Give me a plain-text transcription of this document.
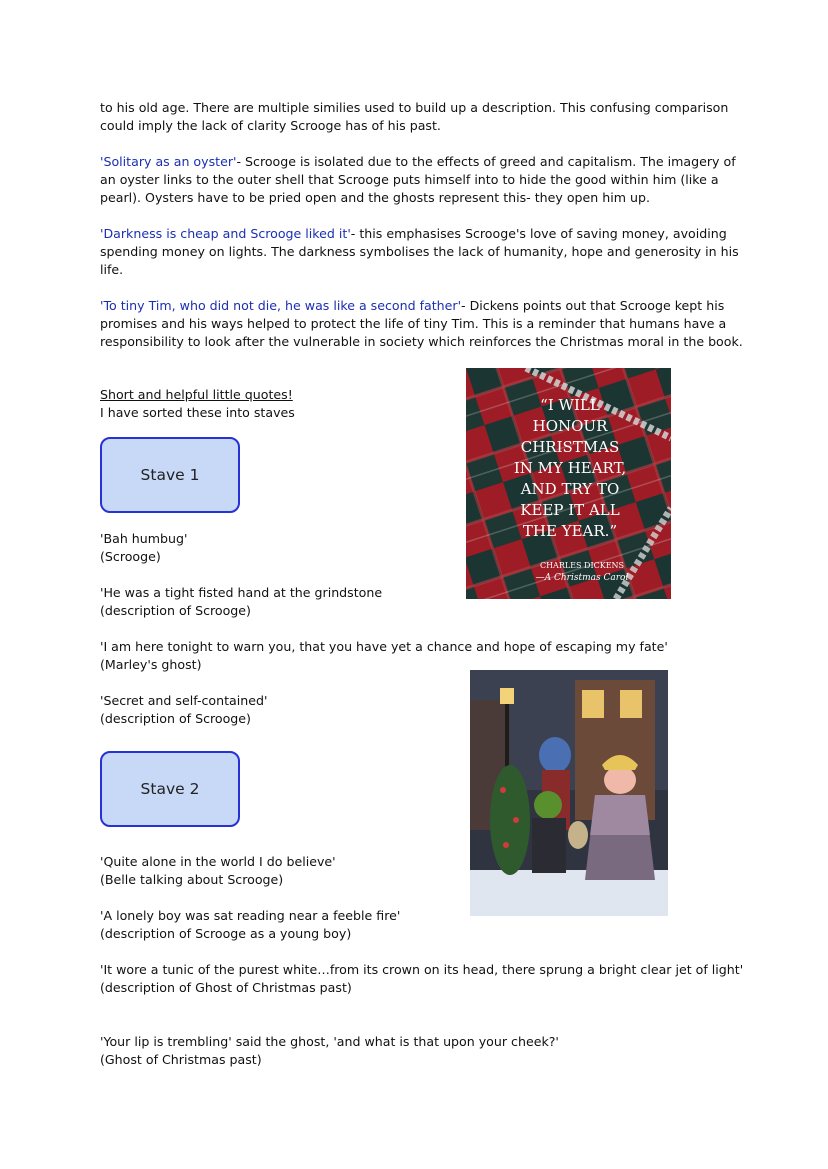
to his old age. There are multiple similies used to build up a description. This confusing comparison
could imply the lack of clarity Scrooge has of his past.
'Solitary as an oyster'- Scrooge is isolated due to the effects of greed and capitalism. The imagery of
an oyster links to the outer shell that Scrooge puts himself into to hide the good within him (like a
pearl). Oysters have to be pried open and the ghosts represent this- they open him up.
'Darkness is cheap and Scrooge liked it'- this emphasises Scrooge's love of saving money, avoiding
spending money on lights. The darkness symbolises the lack of humanity, hope and generosity in his
life.
'To tiny Tim, who did not die, he was like a second father'- Dickens points out that Scrooge kept his
promises and his ways helped to protect the life of tiny Tim. This is a reminder that humans have a
responsibility to look after the vulnerable in society which reinforces the Christmas moral in the book.
Short and helpful little quotes!
I have sorted these into staves
Stave 1
'Bah humbug'
(Scrooge)
'He was a tight fisted hand at the grindstone
(description of Scrooge)
'I am here tonight to warn you, that you have yet a chance and hope of escaping my fate'
(Marley's ghost)
'Secret and self-contained'
(description of Scrooge)
Stave 2
'Quite alone in the world I do believe'
(Belle talking about Scrooge)
'A lonely boy was sat reading near a feeble fire'
(description of Scrooge as a young boy)
'It wore a tunic of the purest white…from its crown on its head, there sprung a bright clear jet of light'
(description of Ghost of Christmas past)
'Your lip is trembling' said the ghost, 'and what is that upon your cheek?'
(Ghost of Christmas past)
“I WILL
HONOUR
CHRISTMAS
IN MY HEART,
AND TRY TO
KEEP IT ALL
THE YEAR.”
CHARLES DICKENS
—A Christmas Carol
